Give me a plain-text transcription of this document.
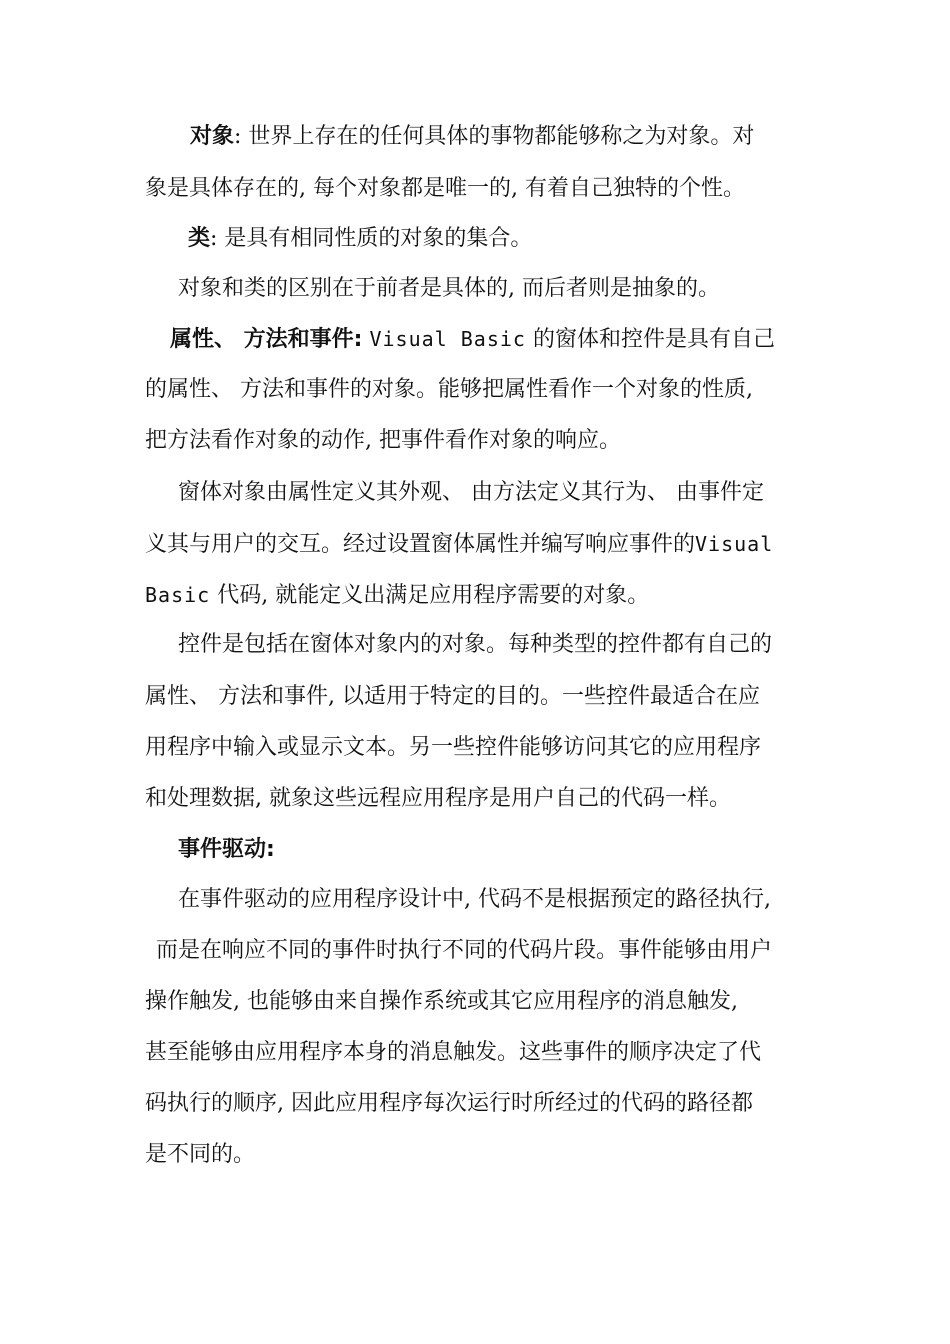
对象: 世界上存在的任何具体的事物都能够称之为对象。对
象是具体存在的, 每个对象都是唯一的, 有着自己独特的个性。
类: 是具有相同性质的对象的集合。
对象和类的区别在于前者是具体的, 而后者则是抽象的。
属性、 方法和事件: Visual Basic 的窗体和控件是具有自己
的属性、 方法和事件的对象。能够把属性看作一个对象的性质,
把方法看作对象的动作, 把事件看作对象的响应。
窗体对象由属性定义其外观、 由方法定义其行为、 由事件定
义其与用户的交互。经过设置窗体属性并编写响应事件的Visual
Basic 代码, 就能定义出满足应用程序需要的对象。
控件是包括在窗体对象内的对象。每种类型的控件都有自己的
属性、 方法和事件, 以适用于特定的目的。一些控件最适合在应
用程序中输入或显示文本。另一些控件能够访问其它的应用程序
和处理数据, 就象这些远程应用程序是用户自己的代码一样。
事件驱动:
在事件驱动的应用程序设计中, 代码不是根据预定的路径执行,
而是在响应不同的事件时执行不同的代码片段。事件能够由用户
操作触发, 也能够由来自操作系统或其它应用程序的消息触发,
甚至能够由应用程序本身的消息触发。这些事件的顺序决定了代
码执行的顺序, 因此应用程序每次运行时所经过的代码的路径都
是不同的。
